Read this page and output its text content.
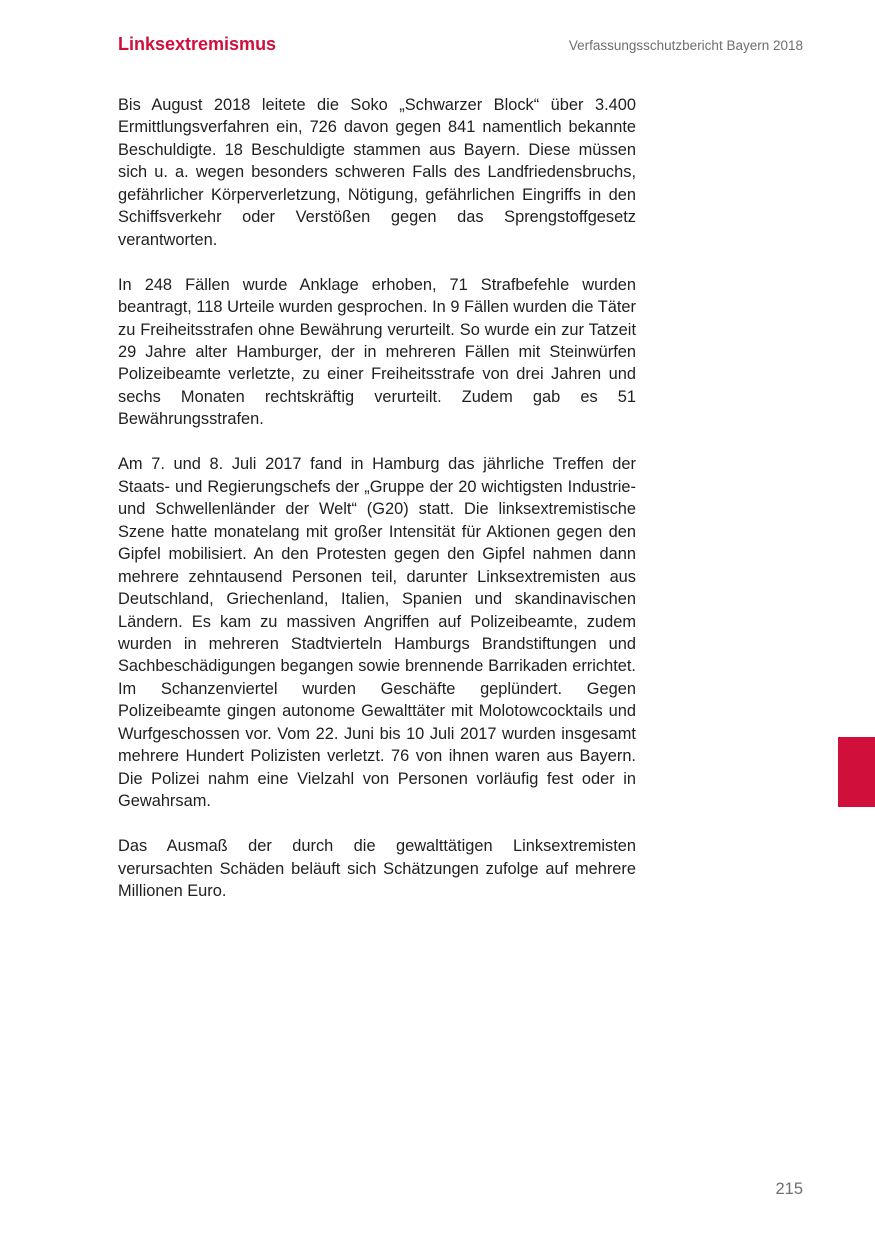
Linksextremismus	Verfassungsschutzbericht Bayern 2018

Bis August 2018 leitete die Soko „Schwarzer Block“ über 3.400 Ermittlungsverfahren ein, 726 davon gegen 841 namentlich bekannte Beschuldigte. 18 Beschuldigte stammen aus Bayern. Diese müssen sich u. a. wegen besonders schweren Falls des Landfriedensbruchs, gefährlicher Körperverletzung, Nötigung, gefährlichen Eingriffs in den Schiffsverkehr oder Verstößen gegen das Sprengstoffgesetz verantworten.

In 248 Fällen wurde Anklage erhoben, 71 Strafbefehle wurden beantragt, 118 Urteile wurden gesprochen. In 9 Fällen wurden die Täter zu Freiheitsstrafen ohne Bewährung verurteilt. So wurde ein zur Tatzeit 29 Jahre alter Hamburger, der in mehreren Fällen mit Steinwürfen Polizeibeamte verletzte, zu einer Freiheitsstrafe von drei Jahren und sechs Monaten rechtskräftig verurteilt. Zudem gab es 51 Bewährungsstrafen.

Am 7. und 8. Juli 2017 fand in Hamburg das jährliche Treffen der Staats- und Regierungschefs der „Gruppe der 20 wichtigsten Industrie- und Schwellenländer der Welt“ (G20) statt. Die linksextremistische Szene hatte monatelang mit großer Intensität für Aktionen gegen den Gipfel mobilisiert. An den Protesten gegen den Gipfel nahmen dann mehrere zehntausend Personen teil, darunter Linksextremisten aus Deutschland, Griechenland, Italien, Spanien und skandinavischen Ländern. Es kam zu massiven Angriffen auf Polizeibeamte, zudem wurden in mehreren Stadtvierteln Hamburgs Brandstiftungen und Sachbeschädigungen begangen sowie brennende Barrikaden errichtet. Im Schanzenviertel wurden Geschäfte geplündert. Gegen Polizeibeamte gingen autonome Gewalttäter mit Molotowcocktails und Wurfgeschossen vor. Vom 22. Juni bis 10 Juli 2017 wurden insgesamt mehrere Hundert Polizisten verletzt. 76 von ihnen waren aus Bayern. Die Polizei nahm eine Vielzahl von Personen vorläufig fest oder in Gewahrsam.

Das Ausmaß der durch die gewalttätigen Linksextremisten verursachten Schäden beläuft sich Schätzungen zufolge auf mehrere Millionen Euro.

215
